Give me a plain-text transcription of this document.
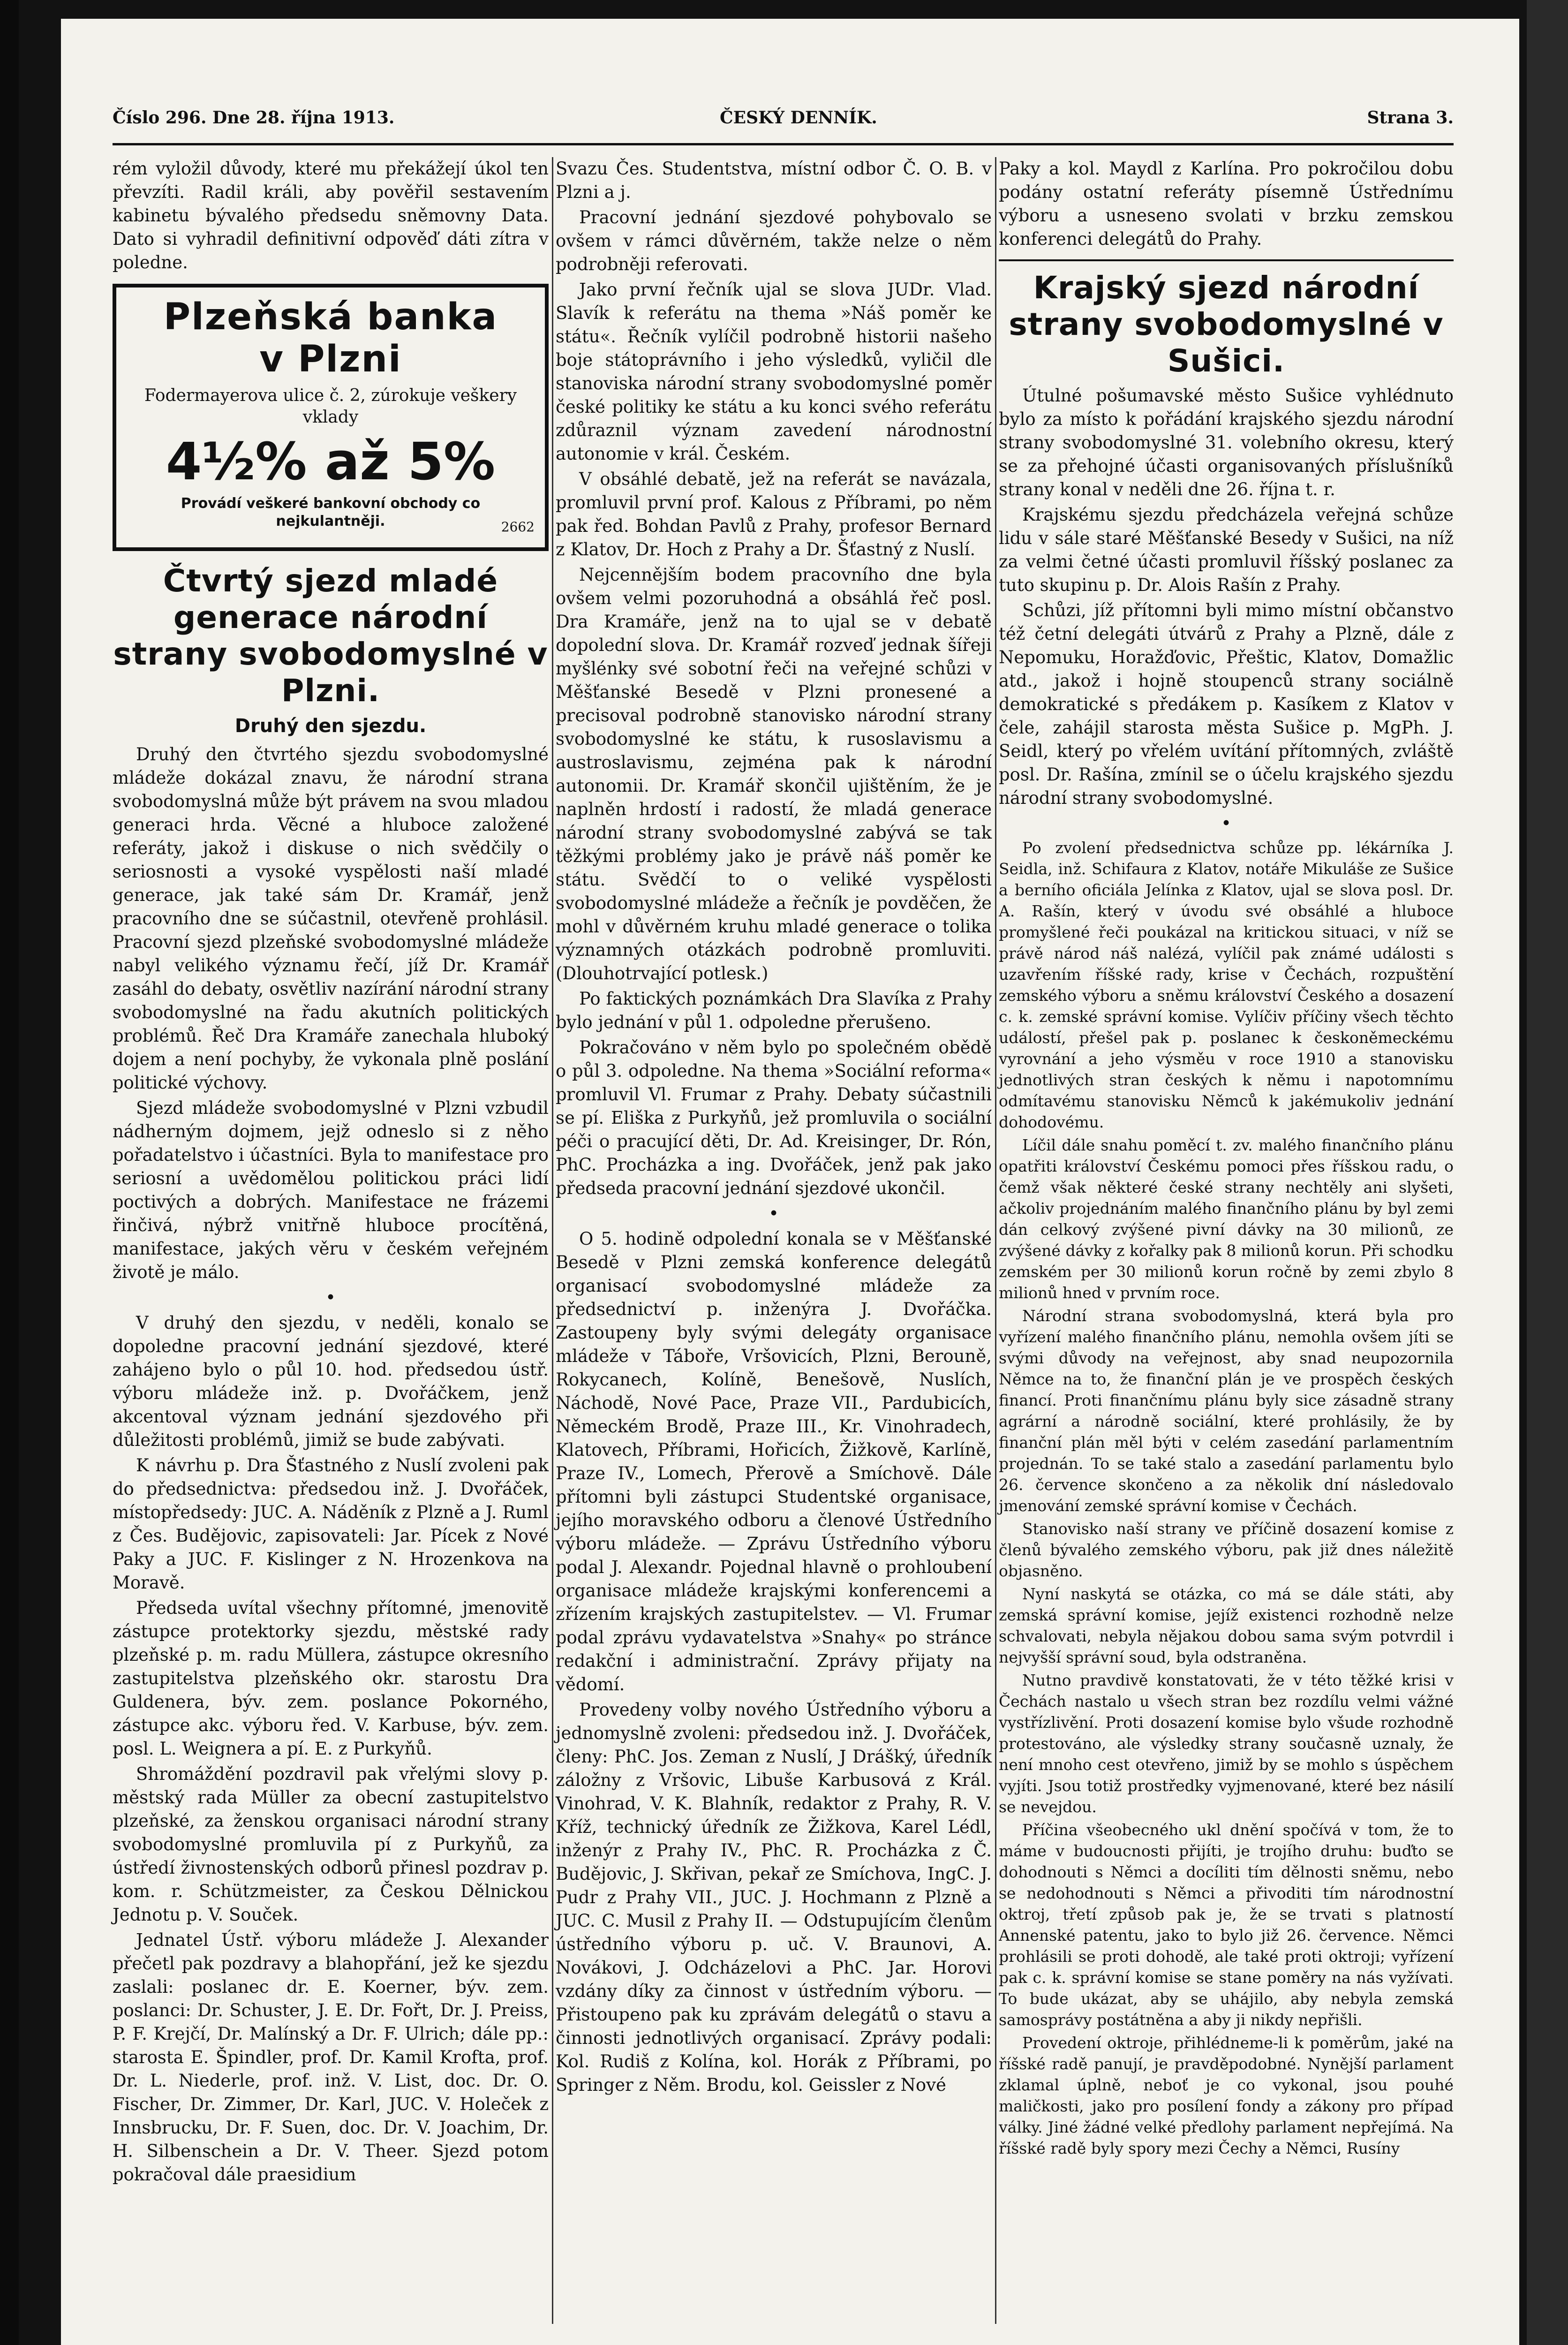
Číslo 296. Dne 28. října 1913.	ČESKÝ DENNÍK.	Strana 3.

rém vyložil důvody, které mu překážejí úkol ten převzíti. Radil králi, aby pověřil sestavením kabinetu bývalého předsedu sněmovny Data. Dato si vyhradil definitivní odpověď dáti zítra v poledne.

Plzeňská banka
v Plzni
Fodermayerova ulice č. 2, zúrokuje veškery vklady
4½% až 5%
Provádí veškeré bankovní obchody co nejkulantněji.	2662
Čtvrtý sjezd mladé generace národní strany svobodomyslné v Plzni.
Druhý den sjezdu.

Druhý den čtvrtého sjezdu svobodomyslné mládeže dokázal znavu, že národní strana svobodomyslná může být právem na svou mladou generaci hrda. Věcné a hluboce založené referáty, jakož i diskuse o nich svědčily o seriosnosti a vysoké vyspělosti naší mladé generace, jak také sám Dr. Kramář, jenž pracovního dne se súčastnil, otevřeně prohlásil. Pracovní sjezd plzeňské svobodomyslné mládeže nabyl velikého významu řečí, jíž Dr. Kramář zasáhl do debaty, osvětliv nazírání národní strany svobodomyslné na řadu akutních politických problémů. Řeč Dra Kramáře zanechala hluboký dojem a není pochyby, že vykonala plně poslání politické výchovy.

Sjezd mládeže svobodomyslné v Plzni vzbudil nádherným dojmem, jejž odneslo si z něho pořadatelstvo i účastníci. Byla to manifestace pro seriosní a uvědomělou politickou práci lidí poctivých a dobrých. Manifestace ne frázemi řinčivá, nýbrž vnitřně hluboce procítěná, manifestace, jakých věru v českém veřejném životě je málo.

•

V druhý den sjezdu, v neděli, konalo se dopoledne pracovní jednání sjezdové, které zahájeno bylo o půl 10. hod. předsedou ústř. výboru mládeže inž. p. Dvořáčkem, jenž akcentoval význam jednání sjezdového při důležitosti problémů, jimiž se bude zabývati.

K návrhu p. Dra Šťastného z Nuslí zvoleni pak do předsednictva: předsedou inž. J. Dvořáček, místopředsedy: JUC. A. Náděník z Plzně a J. Ruml z Čes. Budějovic, zapisovateli: Jar. Pícek z Nové Paky a JUC. F. Kislinger z N. Hrozenkova na Moravě.

Předseda uvítal všechny přítomné, jmenovitě zástupce protektorky sjezdu, městské rady plzeňské p. m. radu Müllera, zástupce okresního zastupitelstva plzeňského okr. starostu Dra Guldenera, býv. zem. poslance Pokorného, zástupce akc. výboru řed. V. Karbuse, býv. zem. posl. L. Weignera a pí. E. z Purkyňů.

Shromáždění pozdravil pak vřelými slovy p. městský rada Müller za obecní zastupitelstvo plzeňské, za ženskou organisaci národní strany svobodomyslné promluvila pí z Purkyňů, za ústředí živnostenských odborů přinesl pozdrav p. kom. r. Schützmeister, za Českou Dělnickou Jednotu p. V. Souček.

Jednatel Ústř. výboru mládeže J. Alexander přečetl pak pozdravy a blahopřání, jež ke sjezdu zaslali: poslanec dr. E. Koerner, býv. zem. poslanci: Dr. Schuster, J. E. Dr. Fořt, Dr. J. Preiss, P. F. Krejčí, Dr. Malínský a Dr. F. Ulrich; dále pp.: starosta E. Špindler, prof. Dr. Kamil Krofta, prof. Dr. L. Niederle, prof. inž. V. List, doc. Dr. O. Fischer, Dr. Zimmer, Dr. Karl, JUC. V. Holeček z Innsbrucku, Dr. F. Suen, doc. Dr. V. Joachim, Dr. H. Silbenschein a Dr. V. Theer. Sjezd potom pokračoval dále praesidium

Svazu Čes. Studentstva, místní odbor Č. O. B. v Plzni a j.

Pracovní jednání sjezdové pohybovalo se ovšem v rámci důvěrném, takže nelze o něm podrobněji referovati.

Jako první řečník ujal se slova JUDr. Vlad. Slavík k referátu na thema »Náš poměr ke státu«. Řečník vylíčil podrobně historii našeho boje státoprávního i jeho výsledků, vyličil dle stanoviska národní strany svobodomyslné poměr české politiky ke státu a ku konci svého referátu zdůraznil význam zavedení národnostní autonomie v král. Českém.

V obsáhlé debatě, jež na referát se navázala, promluvil první prof. Kalous z Příbrami, po něm pak řed. Bohdan Pavlů z Prahy, profesor Bernard z Klatov, Dr. Hoch z Prahy a Dr. Šťastný z Nuslí.

Nejcennějším bodem pracovního dne byla ovšem velmi pozoruhodná a obsáhlá řeč posl. Dra Kramáře, jenž na to ujal se v debatě dopolední slova. Dr. Kramář rozveď jednak šířeji myšlénky své sobotní řeči na veřejné schůzi v Měšťanské Besedě v Plzni pronesené a precisoval podrobně stanovisko národní strany svobodomyslné ke státu, k rusoslavismu a austroslavismu, zejména pak k národní autonomii. Dr. Kramář skončil ujištěním, že je naplněn hrdostí i radostí, že mladá generace národní strany svobodomyslné zabývá se tak těžkými problémy jako je právě náš poměr ke státu. Svědčí to o veliké vyspělosti svobodomyslné mládeže a řečník je povděčen, že mohl v důvěrném kruhu mladé generace o tolika významných otázkách podrobně promluviti. (Dlouhotrvající potlesk.)

Po faktických poznámkách Dra Slavíka z Prahy bylo jednání v půl 1. odpoledne přerušeno.

Pokračováno v něm bylo po společném obědě o půl 3. odpoledne. Na thema »Sociální reforma« promluvil Vl. Frumar z Prahy. Debaty súčastnili se pí. Eliška z Purkyňů, jež promluvila o sociální péči o pracující děti, Dr. Ad. Kreisinger, Dr. Rón, PhC. Procházka a ing. Dvořáček, jenž pak jako předseda pracovní jednání sjezdové ukončil.

•

O 5. hodině odpolední konala se v Měšťanské Besedě v Plzni zemská konference delegátů organisací svobodomyslné mládeže za předsednictví p. inženýra J. Dvořáčka. Zastoupeny byly svými delegáty organisace mládeže v Táboře, Vršovicích, Plzni, Berouně, Rokycanech, Kolíně, Benešově, Nuslích, Náchodě, Nové Pace, Praze VII., Pardubicích, Německém Brodě, Praze III., Kr. Vinohradech, Klatovech, Příbrami, Hořicích, Žižkově, Karlíně, Praze IV., Lomech, Přerově a Smíchově. Dále přítomni byli zástupci Studentské organisace, jejího moravského odboru a členové Ústředního výboru mládeže. — Zprávu Ústředního výboru podal J. Alexandr. Pojednal hlavně o prohloubení organisace mládeže krajskými konferencemi a zřízením krajských zastupitelstev. — Vl. Frumar podal zprávu vydavatelstva »Snahy« po stránce redakční i administrační. Zprávy přijaty na vědomí.

Provedeny volby nového Ústředního výboru a jednomyslně zvoleni: předsedou inž. J. Dvořáček, členy: PhC. Jos. Zeman z Nuslí, J Drášký, úředník záložny z Vršovic, Libuše Karbusová z Král. Vinohrad, V. K. Blahník, redaktor z Prahy, R. V. Kříž, technický úředník ze Žižkova, Karel Lédl, inženýr z Prahy IV., PhC. R. Procházka z Č. Budějovic, J. Skřivan, pekař ze Smíchova, IngC. J. Pudr z Prahy VII., JUC. J. Hochmann z Plzně a JUC. C. Musil z Prahy II. — Odstupujícím členům ústředního výboru p. uč. V. Braunovi, A. Novákovi, J. Odcházelovi a PhC. Jar. Horovi vzdány díky za činnost v ústředním výboru. — Přistoupeno pak ku zprávám delegátů o stavu a činnosti jednotlivých organisací. Zprávy podali: Kol. Rudiš z Kolína, kol. Horák z Příbrami, po Springer z Něm. Brodu, kol. Geissler z Nové

Paky a kol. Maydl z Karlína. Pro pokročilou dobu podány ostatní referáty písemně Ústřednímu výboru a usneseno svolati v brzku zemskou konferenci delegátů do Prahy.

Krajský sjezd národní strany svobodomyslné v Sušici.

Útulné pošumavské město Sušice vyhlédnuto bylo za místo k pořádání krajského sjezdu národní strany svobodomyslné 31. volebního okresu, který se za přehojné účasti organisovaných příslušníků strany konal v neděli dne 26. října t. r.

Krajskému sjezdu předcházela veřejná schůze lidu v sále staré Měšťanské Besedy v Sušici, na níž za velmi četné účasti promluvil říšský poslanec za tuto skupinu p. Dr. Alois Rašín z Prahy.

Schůzi, jíž přítomni byli mimo místní občanstvo též četní delegáti útvárů z Prahy a Plzně, dále z Nepomuku, Horažďovic, Přeštic, Klatov, Domažlic atd., jakož i hojně stoupenců strany sociálně demokratické s předákem p. Kasíkem z Klatov v čele, zahájil starosta města Sušice p. MgPh. J. Seidl, který po vřelém uvítání přítomných, zvláště posl. Dr. Rašína, zmínil se o účelu krajského sjezdu národní strany svobodomyslné.

•

Po zvolení předsednictva schůze pp. lékárníka J. Seidla, inž. Schifaura z Klatov, notáře Mikuláše ze Sušice a berního oficiála Jelínka z Klatov, ujal se slova posl. Dr. A. Rašín, který v úvodu své obsáhlé a hluboce promyšlené řeči poukázal na kritickou situaci, v níž se právě národ náš nalézá, vylíčil pak známé události s uzavřením říšské rady, krise v Čechách, rozpuštění zemského výboru a sněmu království Českého a dosazení c. k. zemské správní komise. Vylíčiv příčiny všech těchto událostí, přešel pak p. poslanec k českoněmeckému vyrovnání a jeho výsměu v roce 1910 a stanovisku jednotlivých stran českých k němu i napotomnímu odmítavému stanovisku Němců k jakémukoliv jednání dohodovému.

Líčil dále snahu poměcí t. zv. malého finančního plánu opatřiti království Českému pomoci přes říšskou radu, o čemž však některé české strany nechtěly ani slyšeti, ačkoliv projednáním malého finančního plánu by byl zemi dán celkový zvýšené pivní dávky na 30 milionů, ze zvýšené dávky z kořalky pak 8 milionů korun. Při schodku zemském per 30 milionů korun ročně by zemi zbylo 8 milionů hned v prvním roce.

Národní strana svobodomyslná, která byla pro vyřízení malého finančního plánu, nemohla ovšem jíti se svými důvody na veřejnost, aby snad neupozornila Němce na to, že finanční plán je ve prospěch českých financí. Proti finančnímu plánu byly sice zásadně strany agrární a národně sociální, které prohlásily, že by finanční plán měl býti v celém zasedání parlamentním projednán. To se také stalo a zasedání parlamentu bylo 26. července skončeno a za několik dní následovalo jmenování zemské správní komise v Čechách.

Stanovisko naší strany ve příčině dosazení komise z členů bývalého zemského výboru, pak již dnes náležitě objasněno.

Nyní naskytá se otázka, co má se dále státi, aby zemská správní komise, jejíž existenci rozhodně nelze schvalovati, nebyla nějakou dobou sama svým potvrdil i nejvyšší správní soud, byla odstraněna.

Nutno pravdivě konstatovati, že v této těžké krisi v Čechách nastalo u všech stran bez rozdílu velmi vážné vystřízlivění. Proti dosazení komise bylo všude rozhodně protestováno, ale výsledky strany současně uznaly, že není mnoho cest otevřeno, jimiž by se mohlo s úspěchem vyjíti. Jsou totiž prostředky vyjmenované, které bez násilí se nevejdou.

Příčina všeobecného ukl dnění spočívá v tom, že to máme v budoucnosti přijíti, je trojího druhu: buďto se dohodnouti s Němci a docíliti tím dělnosti sněmu, nebo se nedohodnouti s Němci a přivoditi tím národnostní oktroj, třetí způsob pak je, že se trvati s platností Annenské patentu, jako to bylo již 26. července. Němci prohlásili se proti dohodě, ale také proti oktroji; vyřízení pak c. k. správní komise se stane poměry na nás vyžívati. To bude ukázat, aby se uhájilo, aby nebyla zemská samosprávy postátněna a aby ji nikdy nepřišli.

Provedení oktroje, přihlédneme-li k poměrům, jaké na říšské radě panují, je pravděpodobné. Nynější parlament zklamal úplně, neboť je co vykonal, jsou pouhé maličkosti, jako pro posílení fondy a zákony pro případ války. Jiné žádné velké předlohy parlament nepřejímá. Na říšské radě byly spory mezi Čechy a Němci, Rusíny
